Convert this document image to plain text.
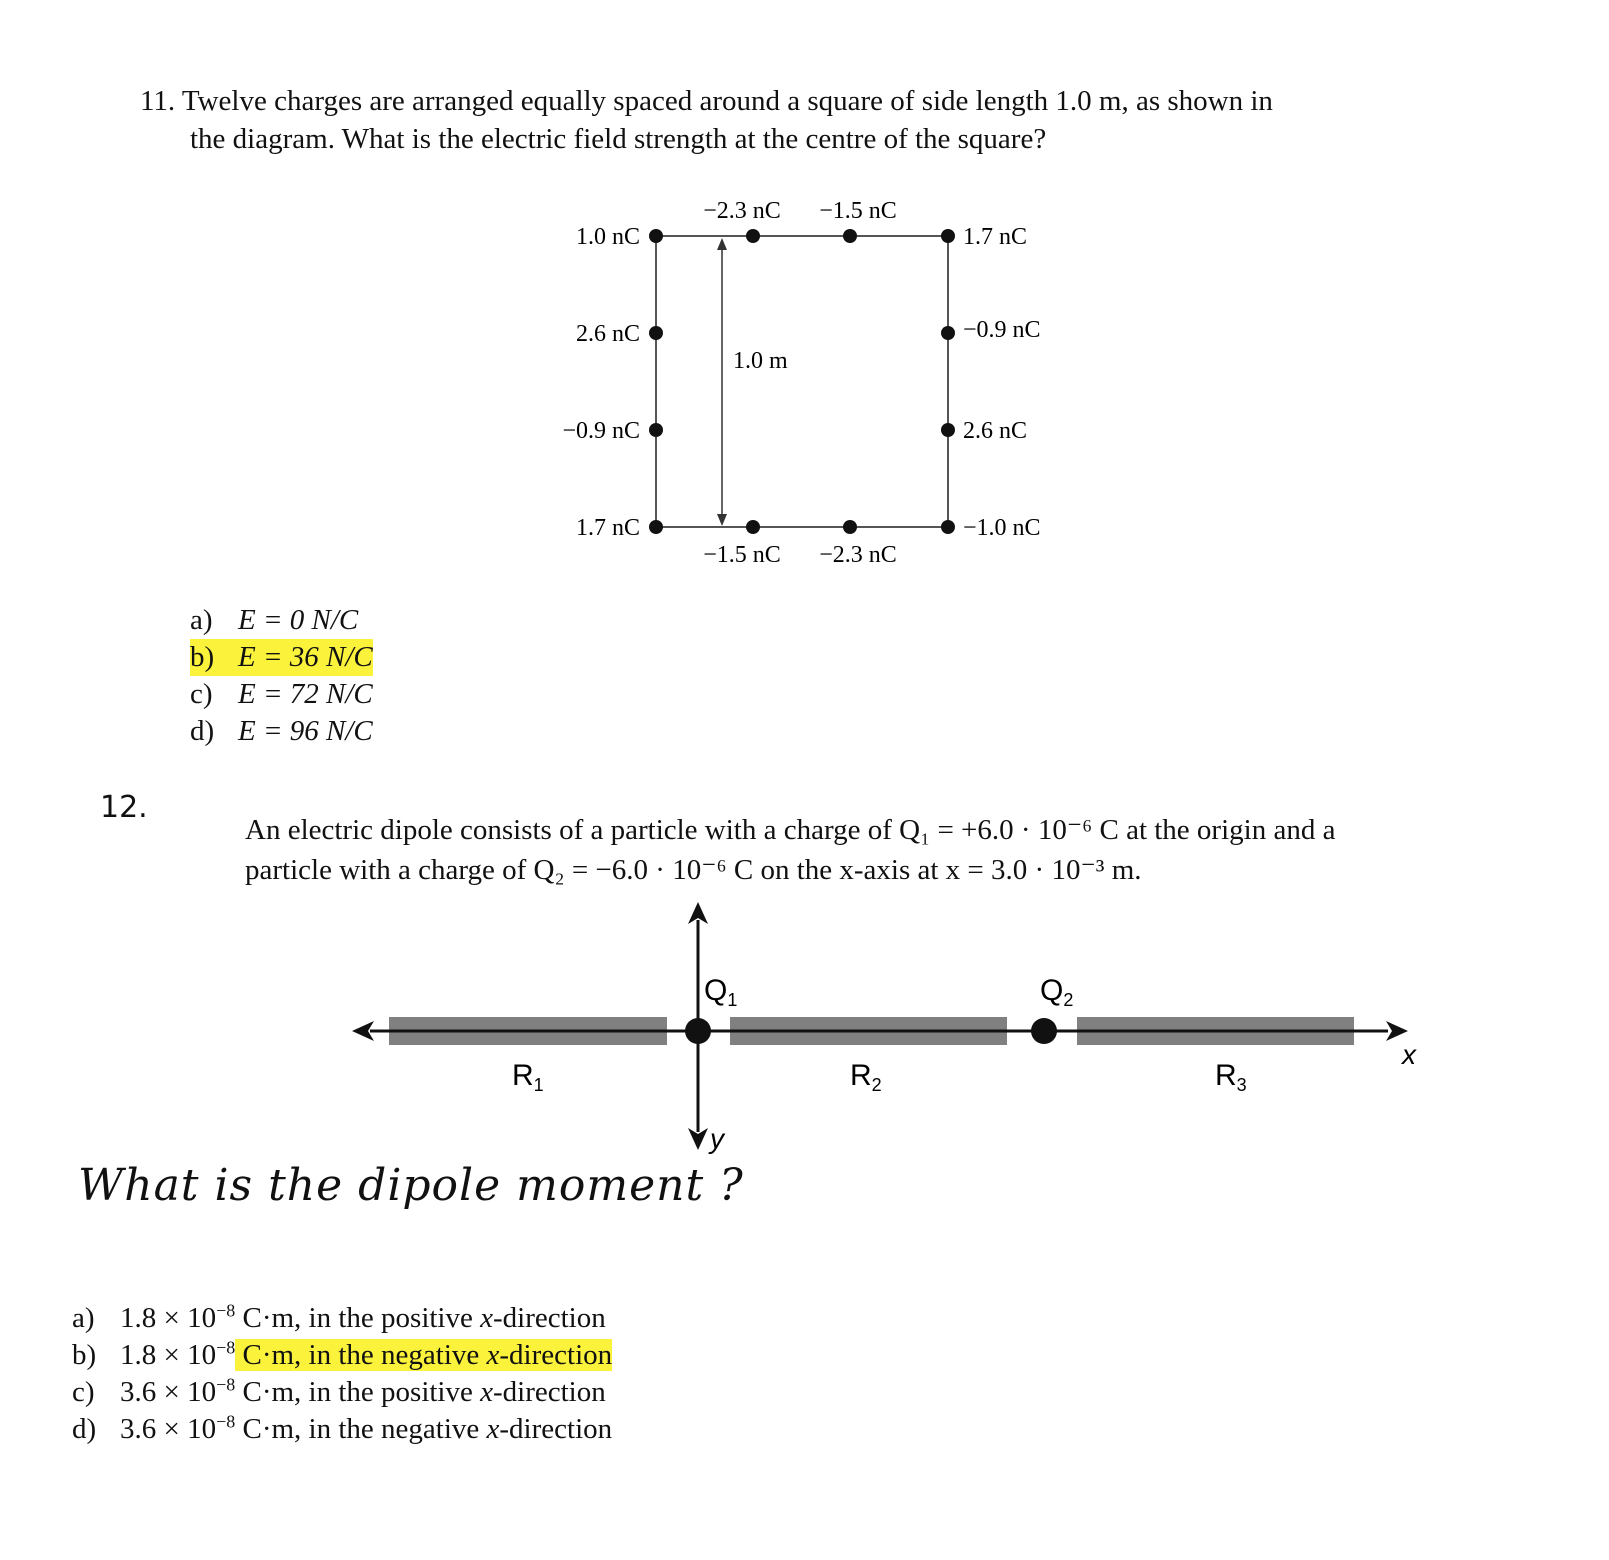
11. Twelve charges are arranged equally spaced around a square of side length 1.0 m, as shown in
the diagram. What is the electric field strength at the centre of the square?
−2.3 nC −1.5 nC
−1.5 nC −2.3 nC
1.0 nC
2.6 nC
−0.9 nC
1.7 nC
1.7 nC
−0.9 nC
2.6 nC
−1.0 nC
1.0 m
a) E = 0 N/C
b) E = 36 N/C
c) E = 72 N/C
d) E = 96 N/C
12.
An electric dipole consists of a particle with a charge of Q₁ = +6.0 · 10⁻⁶ C at the origin and a
particle with a charge of Q₂ = −6.0 · 10⁻⁶ C on the x-axis at x = 3.0 · 10⁻³ m.
$Q_1$	$Q_2$
$R_1$	$R_2$	$R_3$
x
y
What is the dipole moment ?
a) $1.8 \times 10^{-8}$ C·m, in the positive x-direction
b) $1.8 \times 10^{-8}$ C·m, in the negative x-direction
c) $3.6 \times 10^{-8}$ C·m, in the positive x-direction
d) $3.6 \times 10^{-8}$ C·m, in the negative x-direction
